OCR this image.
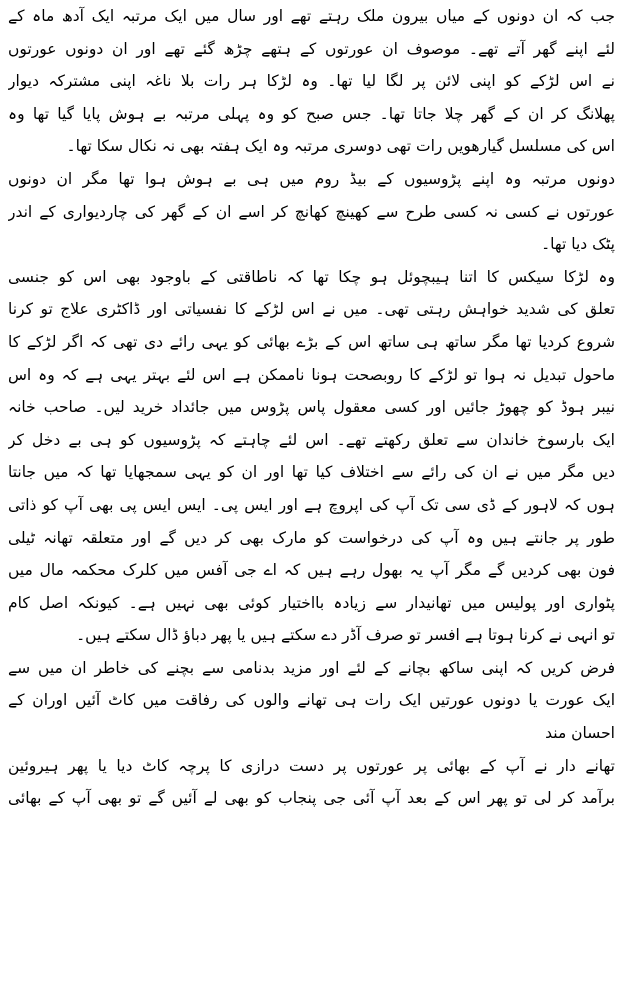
جب کہ ان دونوں کے میاں بیرون ملک رہتے تھے اور سال میں ایک مرتبہ ایک آدھ ماہ کے
لئے اپنے گھر آتے تھے۔ موصوف ان عورتوں کے ہتھے چڑھ گئے تھے اور ان دونوں عورتوں
نے اس لڑکے کو اپنی لائن پر لگا لیا تھا۔ وہ لڑکا ہر رات بلا ناغہ اپنی مشترکہ دیوار
پھلانگ کر ان کے گھر چلا جاتا تھا۔ جس صبح کو وہ پہلی مرتبہ بے ہوش پایا گیا تھا وہ
اس کی مسلسل گیارھویں رات تھی دوسری مرتبہ وہ ایک ہفتہ بھی نہ نکال سکا تھا۔
دونوں مرتبہ وہ اپنے پڑوسیوں کے بیڈ روم میں ہی بے ہوش ہوا تھا مگر ان دونوں
عورتوں نے کسی نہ کسی طرح سے کھینچ کھانچ کر اسے ان کے گھر کی چاردیواری کے اندر
پٹک دیا تھا۔
وہ لڑکا سیکس کا اتنا ہیبچوئل ہو چکا تھا کہ ناطاقتی کے باوجود بھی اس کو جنسی
تعلق کی شدید خواہش رہتی تھی۔ میں نے اس لڑکے کا نفسیاتی اور ڈاکٹری علاج تو کرنا
شروع کردیا تھا مگر ساتھ ہی ساتھ اس کے بڑے بھائی کو یہی رائے دی تھی کہ اگر لڑکے کا
ماحول تبدیل نہ ہوا تو لڑکے کا روبصحت ہونا ناممکن ہے اس لئے بہتر یہی ہے کہ وہ اس
نیبر ہوڈ کو چھوڑ جائیں اور کسی معقول پاس پڑوس میں جائداد خرید لیں۔ صاحب خانہ
ایک بارسوخ خاندان سے تعلق رکھتے تھے۔ اس لئے چاہتے کہ پڑوسیوں کو ہی بے دخل کر
دیں مگر میں نے ان کی رائے سے اختلاف کیا تھا اور ان کو یہی سمجھایا تھا کہ میں جانتا
ہوں کہ لاہور کے ڈی سی تک آپ کی اپروچ ہے اور ایس پی۔ ایس ایس پی بھی آپ کو ذاتی
طور پر جانتے ہیں وہ آپ کی درخواست کو مارک بھی کر دیں گے اور متعلقہ تھانہ ٹیلی
فون بھی کردیں گے مگر آپ یہ بھول رہے ہیں کہ اے جی آفس میں کلرک محکمہ مال میں
پٹواری اور پولیس میں تھانیدار سے زیادہ بااختیار کوئی بھی نہیں ہے۔ کیونکہ اصل کام
تو انہی نے کرنا ہوتا ہے افسر تو صرف آڈر دے سکتے ہیں یا پھر دباؤ ڈال سکتے ہیں۔
فرض کریں کہ اپنی ساکھ بچانے کے لئے اور مزید بدنامی سے بچنے کی خاطر ان میں سے
ایک عورت یا دونوں عورتیں ایک رات ہی تھانے والوں کی رفاقت میں کاٹ آئیں اوران کے
احسان مند
تھانے دار نے آپ کے بھائی پر عورتوں پر دست درازی کا پرچہ کاٹ دیا یا پھر ہیروئین
برآمد کر لی تو پھر اس کے بعد آپ آئی جی پنجاب کو بھی لے آئیں گے تو بھی آپ کے بھائی
